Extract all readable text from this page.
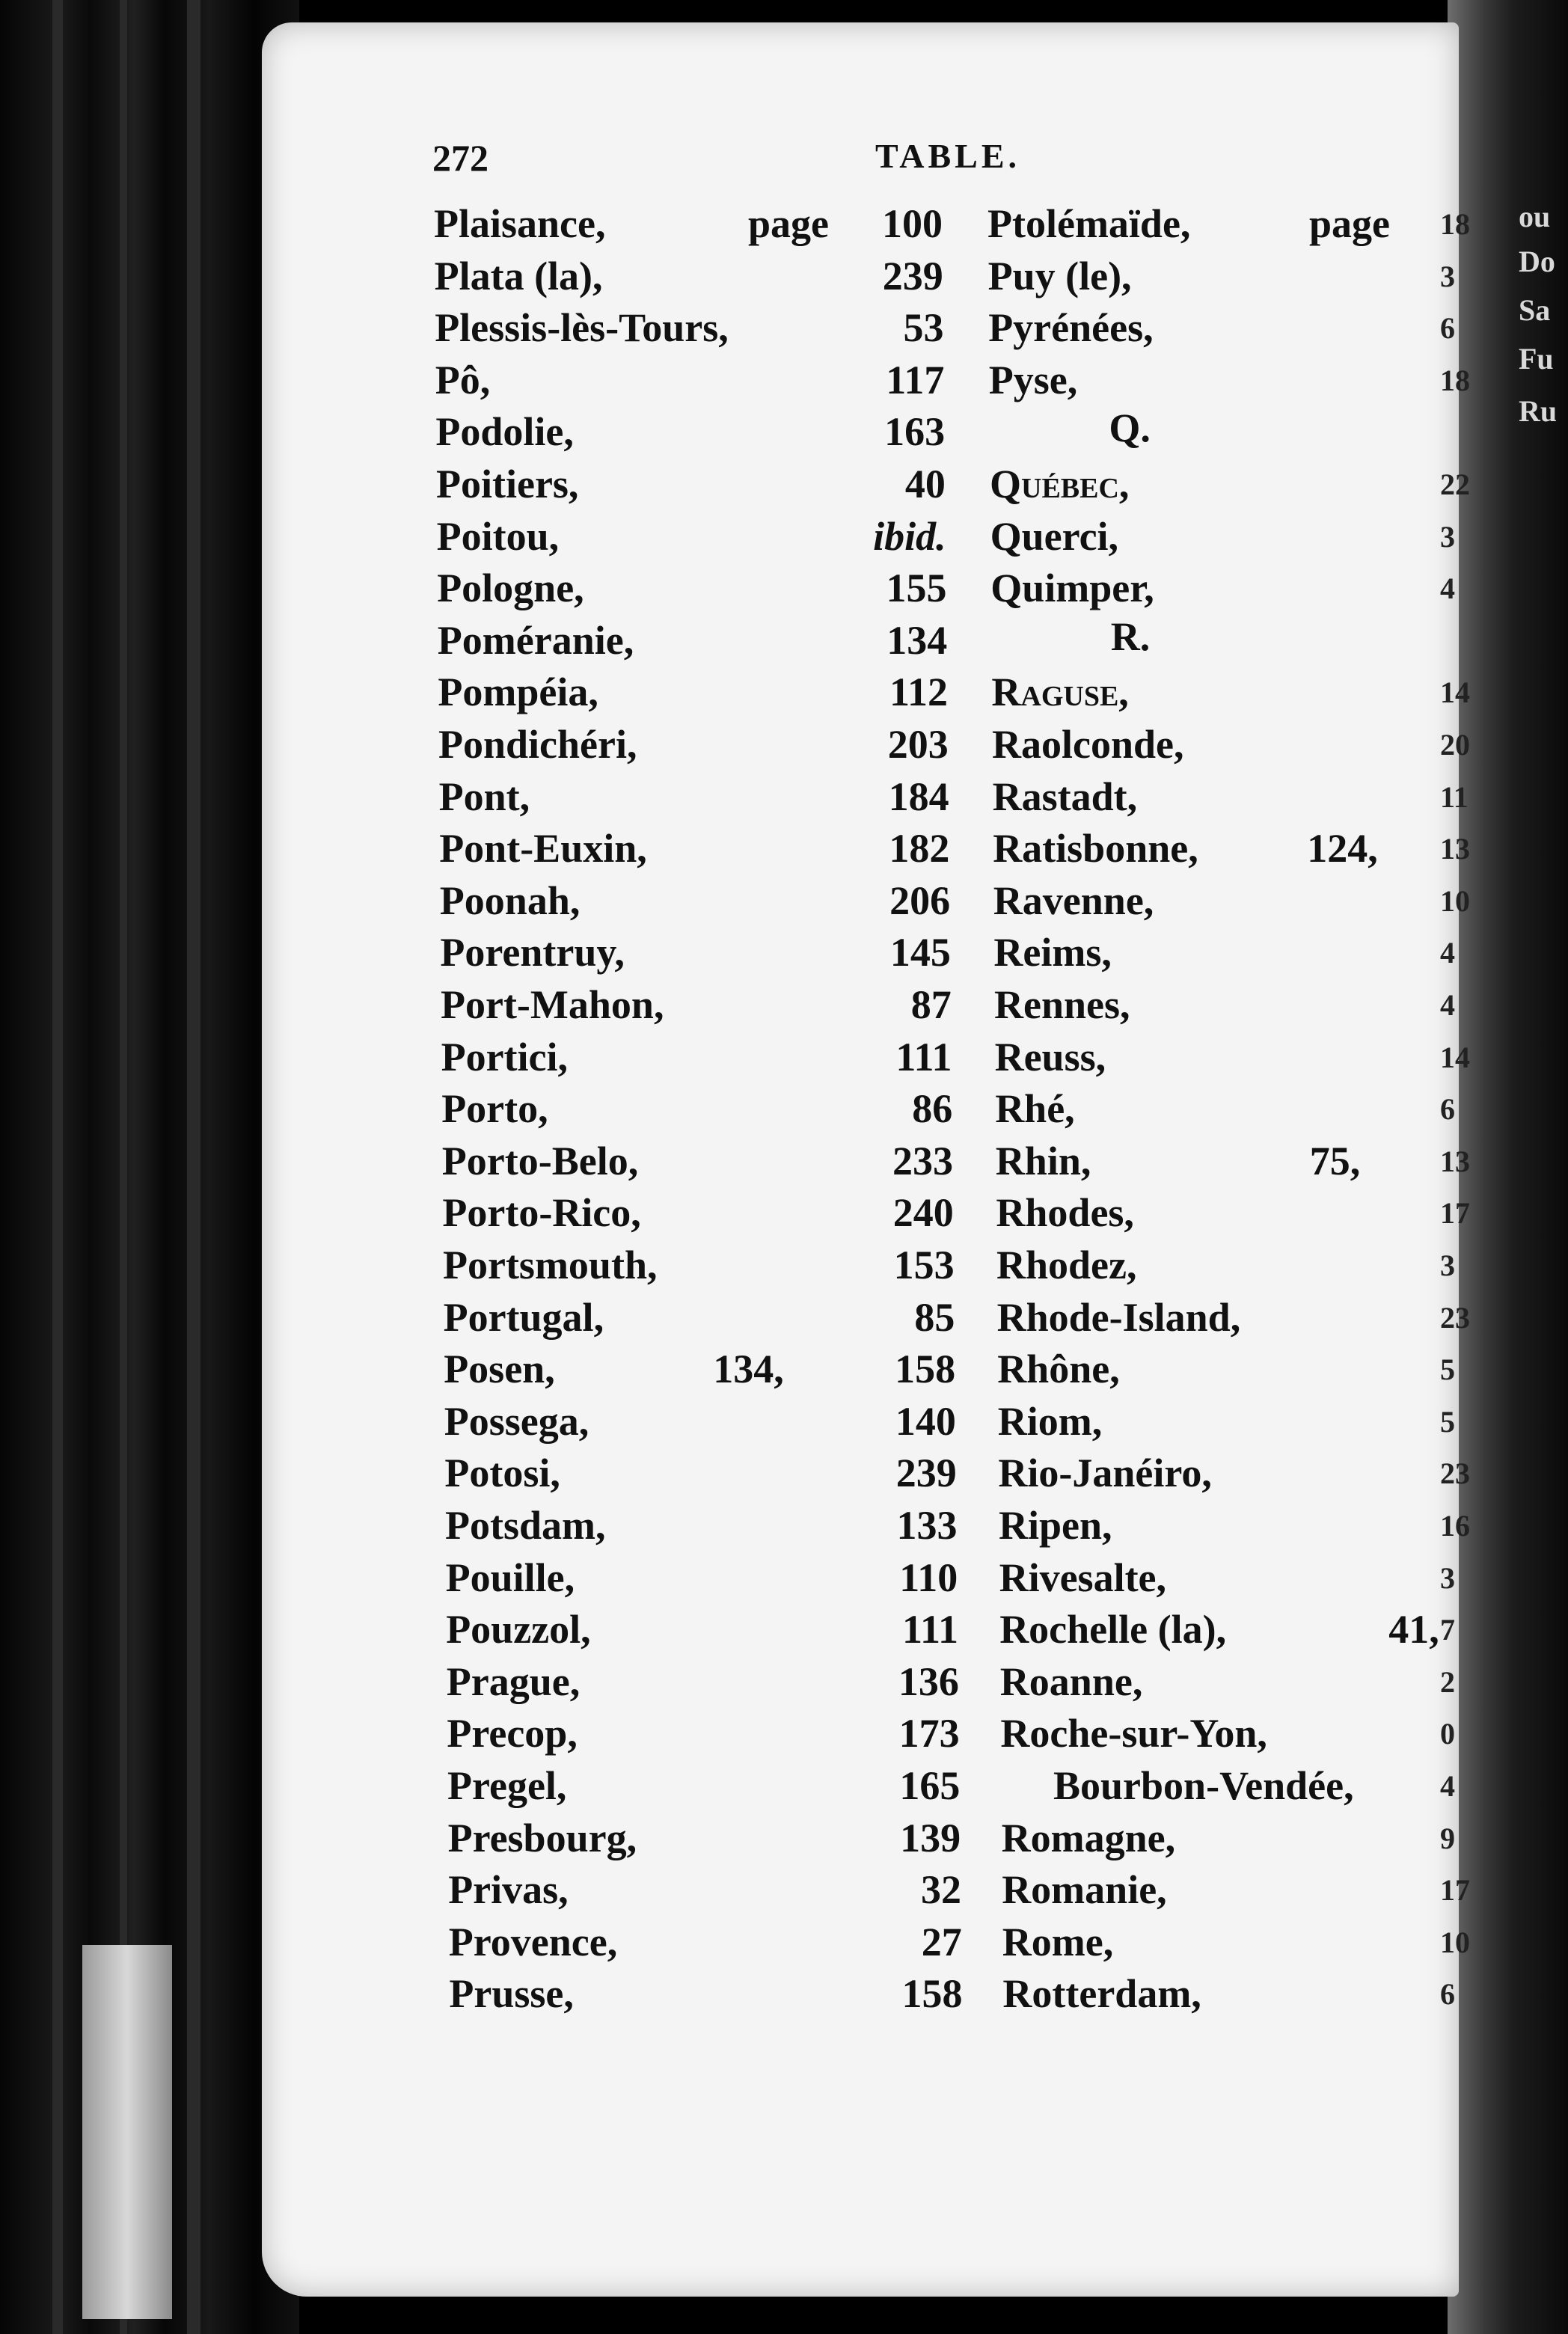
ou
Do
Sa
Fu
Ru
272	TABLE.
Plaisance,	page 100
Plata (la),	239
Plessis-lès-Tours,	53
Pô,	117
Podolie,	163
Poitiers,	40
Poitou,	ibid.
Pologne,	155
Poméranie,	134
Pompéia,	112
Pondichéri,	203
Pont,	184
Pont-Euxin,	182
Poonah,	206
Porentruy,	145
Port-Mahon,	87
Portici,	111
Porto,	86
Porto-Belo,	233
Porto-Rico,	240
Portsmouth,	153
Portugal,	85
Posen,	134,	158
Possega,	140
Potosi,	239
Potsdam,	133
Pouille,	110
Pouzzol,	111
Prague,	136
Precop,	173
Pregel,	165
Presbourg,	139
Privas,	32
Provence,	27
Prusse,	158
Ptolémaïde,	page 18
Puy (le),	3
Pyrénées,	6
Pyse,	18
Q.
Québec,	22
Querci,	3
Quimper,	4
R.
Raguse,	14
Raolconde,	20
Rastadt,	11
Ratisbonne,	124, 13
Ravenne,	10
Reims,	4
Rennes,	4
Reuss,	14
Rhé,	6
Rhin,	75,	13
Rhodes,	17
Rhodez,	3
Rhode-Island,	23
Rhône,	5
Riom,	5
Rio-Janéiro,	23
Ripen,	16
Rivesalte,	3
Rochelle (la),	41, 7
Roanne,	2
Roche-sur-Yon,	0
Bourbon-Vendée,	4
Romagne,	9
Romanie,	17
Rome,	10
Rotterdam,	6
